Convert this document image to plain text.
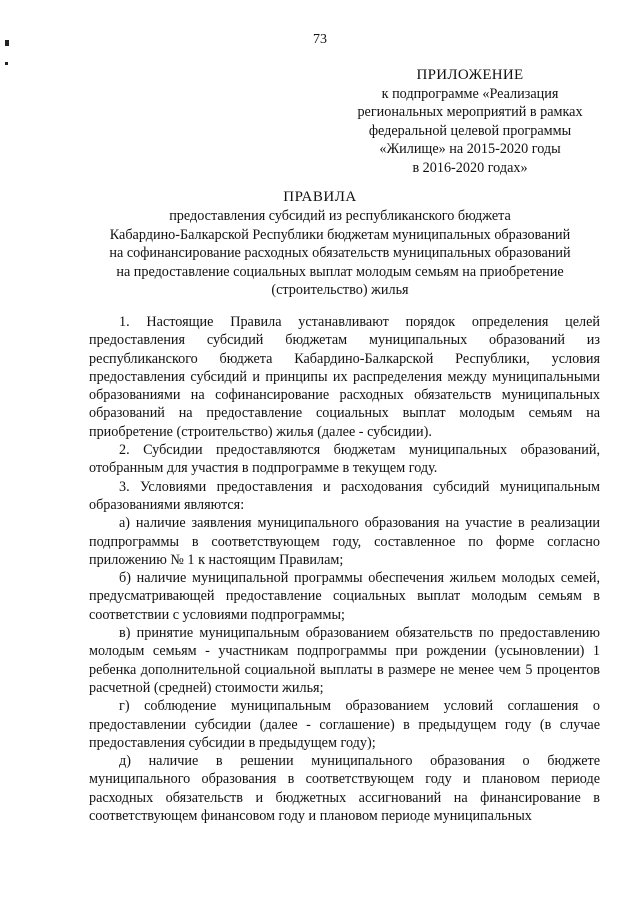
73
ПРИЛОЖЕНИЕ
к подпрограмме «Реализация
региональных мероприятий в рамках
федеральной целевой программы
«Жилище» на 2015-2020 годы
в 2016-2020 годах»
ПРАВИЛА
предоставления субсидий из республиканского бюджета
Кабардино-Балкарской Республики бюджетам муниципальных образований
на софинансирование расходных обязательств муниципальных образований
на предоставление социальных выплат молодым семьям на приобретение
(строительство) жилья

1. Настоящие Правила устанавливают порядок определения целей предоставления субсидий бюджетам муниципальных образований из республиканского бюджета Кабардино-Балкарской Республики, условия предоставления субсидий и принципы их распределения между муниципальными образованиями на софинансирование расходных обязательств муниципальных образований на предоставление социальных выплат молодым семьям на приобретение (строительство) жилья (далее - субсидии).

2. Субсидии предоставляются бюджетам муниципальных образований, отобранным для участия в подпрограмме в текущем году.

3. Условиями предоставления и расходования субсидий муниципальным образованиями являются:

а) наличие заявления муниципального образования на участие в реализации подпрограммы в соответствующем году, составленное по форме согласно приложению № 1 к настоящим Правилам;

б) наличие муниципальной программы обеспечения жильем молодых семей, предусматривающей предоставление социальных выплат молодым семьям в соответствии с условиями подпрограммы;

в) принятие муниципальным образованием обязательств по предоставлению молодым семьям - участникам подпрограммы при рождении (усыновлении) 1 ребенка дополнительной социальной выплаты в размере не менее чем 5 процентов расчетной (средней) стоимости жилья;

г) соблюдение муниципальным образованием условий соглашения о предоставлении субсидии (далее - соглашение) в предыдущем году (в случае предоставления субсидии в предыдущем году);

д) наличие в решении муниципального образования о бюджете муниципального образования в соответствующем году и плановом периоде расходных обязательств и бюджетных ассигнований на финансирование в соответствующем финансовом году и плановом периоде муниципальных
